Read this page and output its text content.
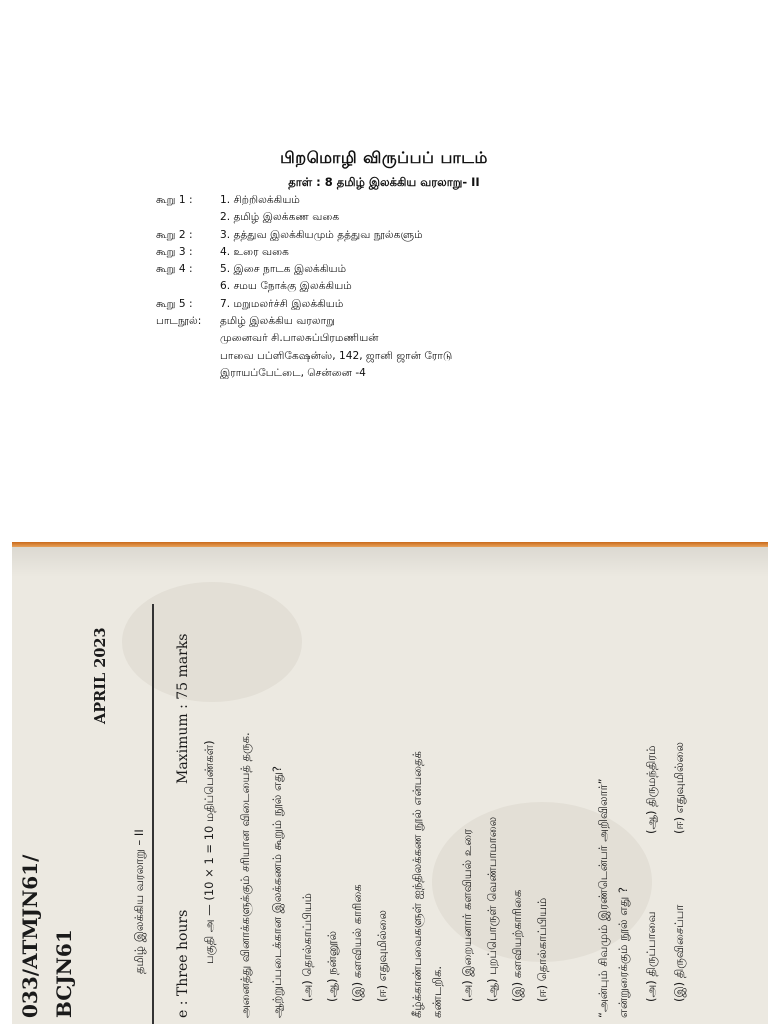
பிறமொழி விருப்பப் பாடம்
தாள் : 8 தமிழ் இலக்கிய வரலாறு- II
கூறு 1 :	1. சிற்றிலக்கியம்
2. தமிழ் இலக்கண வகை
கூறு 2 :	3. தத்துவ இலக்கியமும் தத்துவ நூல்களும்
கூறு 3 :	4. உரை வகை
கூறு 4 :	5. இசை நாடக இலக்கியம்
6. சமய நோக்கு இலக்கியம்
கூறு 5 :	7. மறுமலர்ச்சி இலக்கியம்
பாடநூல்: தமிழ் இலக்கிய வரலாறு
முனைவர் சி.பாலசுப்பிரமணியன்
பாவை பப்ளிகேஷன்ஸ், 142, ஜானி ஜான் ரோடு
இராயப்பேட்டை, சென்னை -4
033/ATMJN61/ BCJN61
APRIL 2023
தமிழ் இலக்கிய வரலாறு – II e : Three hours
Maximum : 75 marks
பகுதி அ — (10 × 1 = 10 மதிப்பெண்கள்) அனைத்து வினாக்களுக்கும் சரியான விடையைத் தருக. ஆற்றுப்படைக்கான இலக்கணம் கூறும் நூல் எது? (அ) தொல்காப்பியம் (ஆ) நன்னூல் (இ) களவியல் காரிகை (ஈ) எதுவுமில்லை கீழ்க்காண்பவைகளுள் ஐந்திலக்கண நூல் என்பதைக் கண்டறிக. (அ) இறையனார் களவியல் உரை (ஆ) புறப்பொருள் வெண்பாமாலை (இ) களவியற்காரிகை (ஈ) தொல்காப்பியம்	“அன்பும் சிவமும் இரண்டென்பர் அறிவிலார்” என்றுரைக்கும் நூல் எது ? (அ) திருப்பாவை
(ஆ) திருமந்திரம்
(இ) திருவிசைப்பா
(ஈ) எதுவுமில்லை
